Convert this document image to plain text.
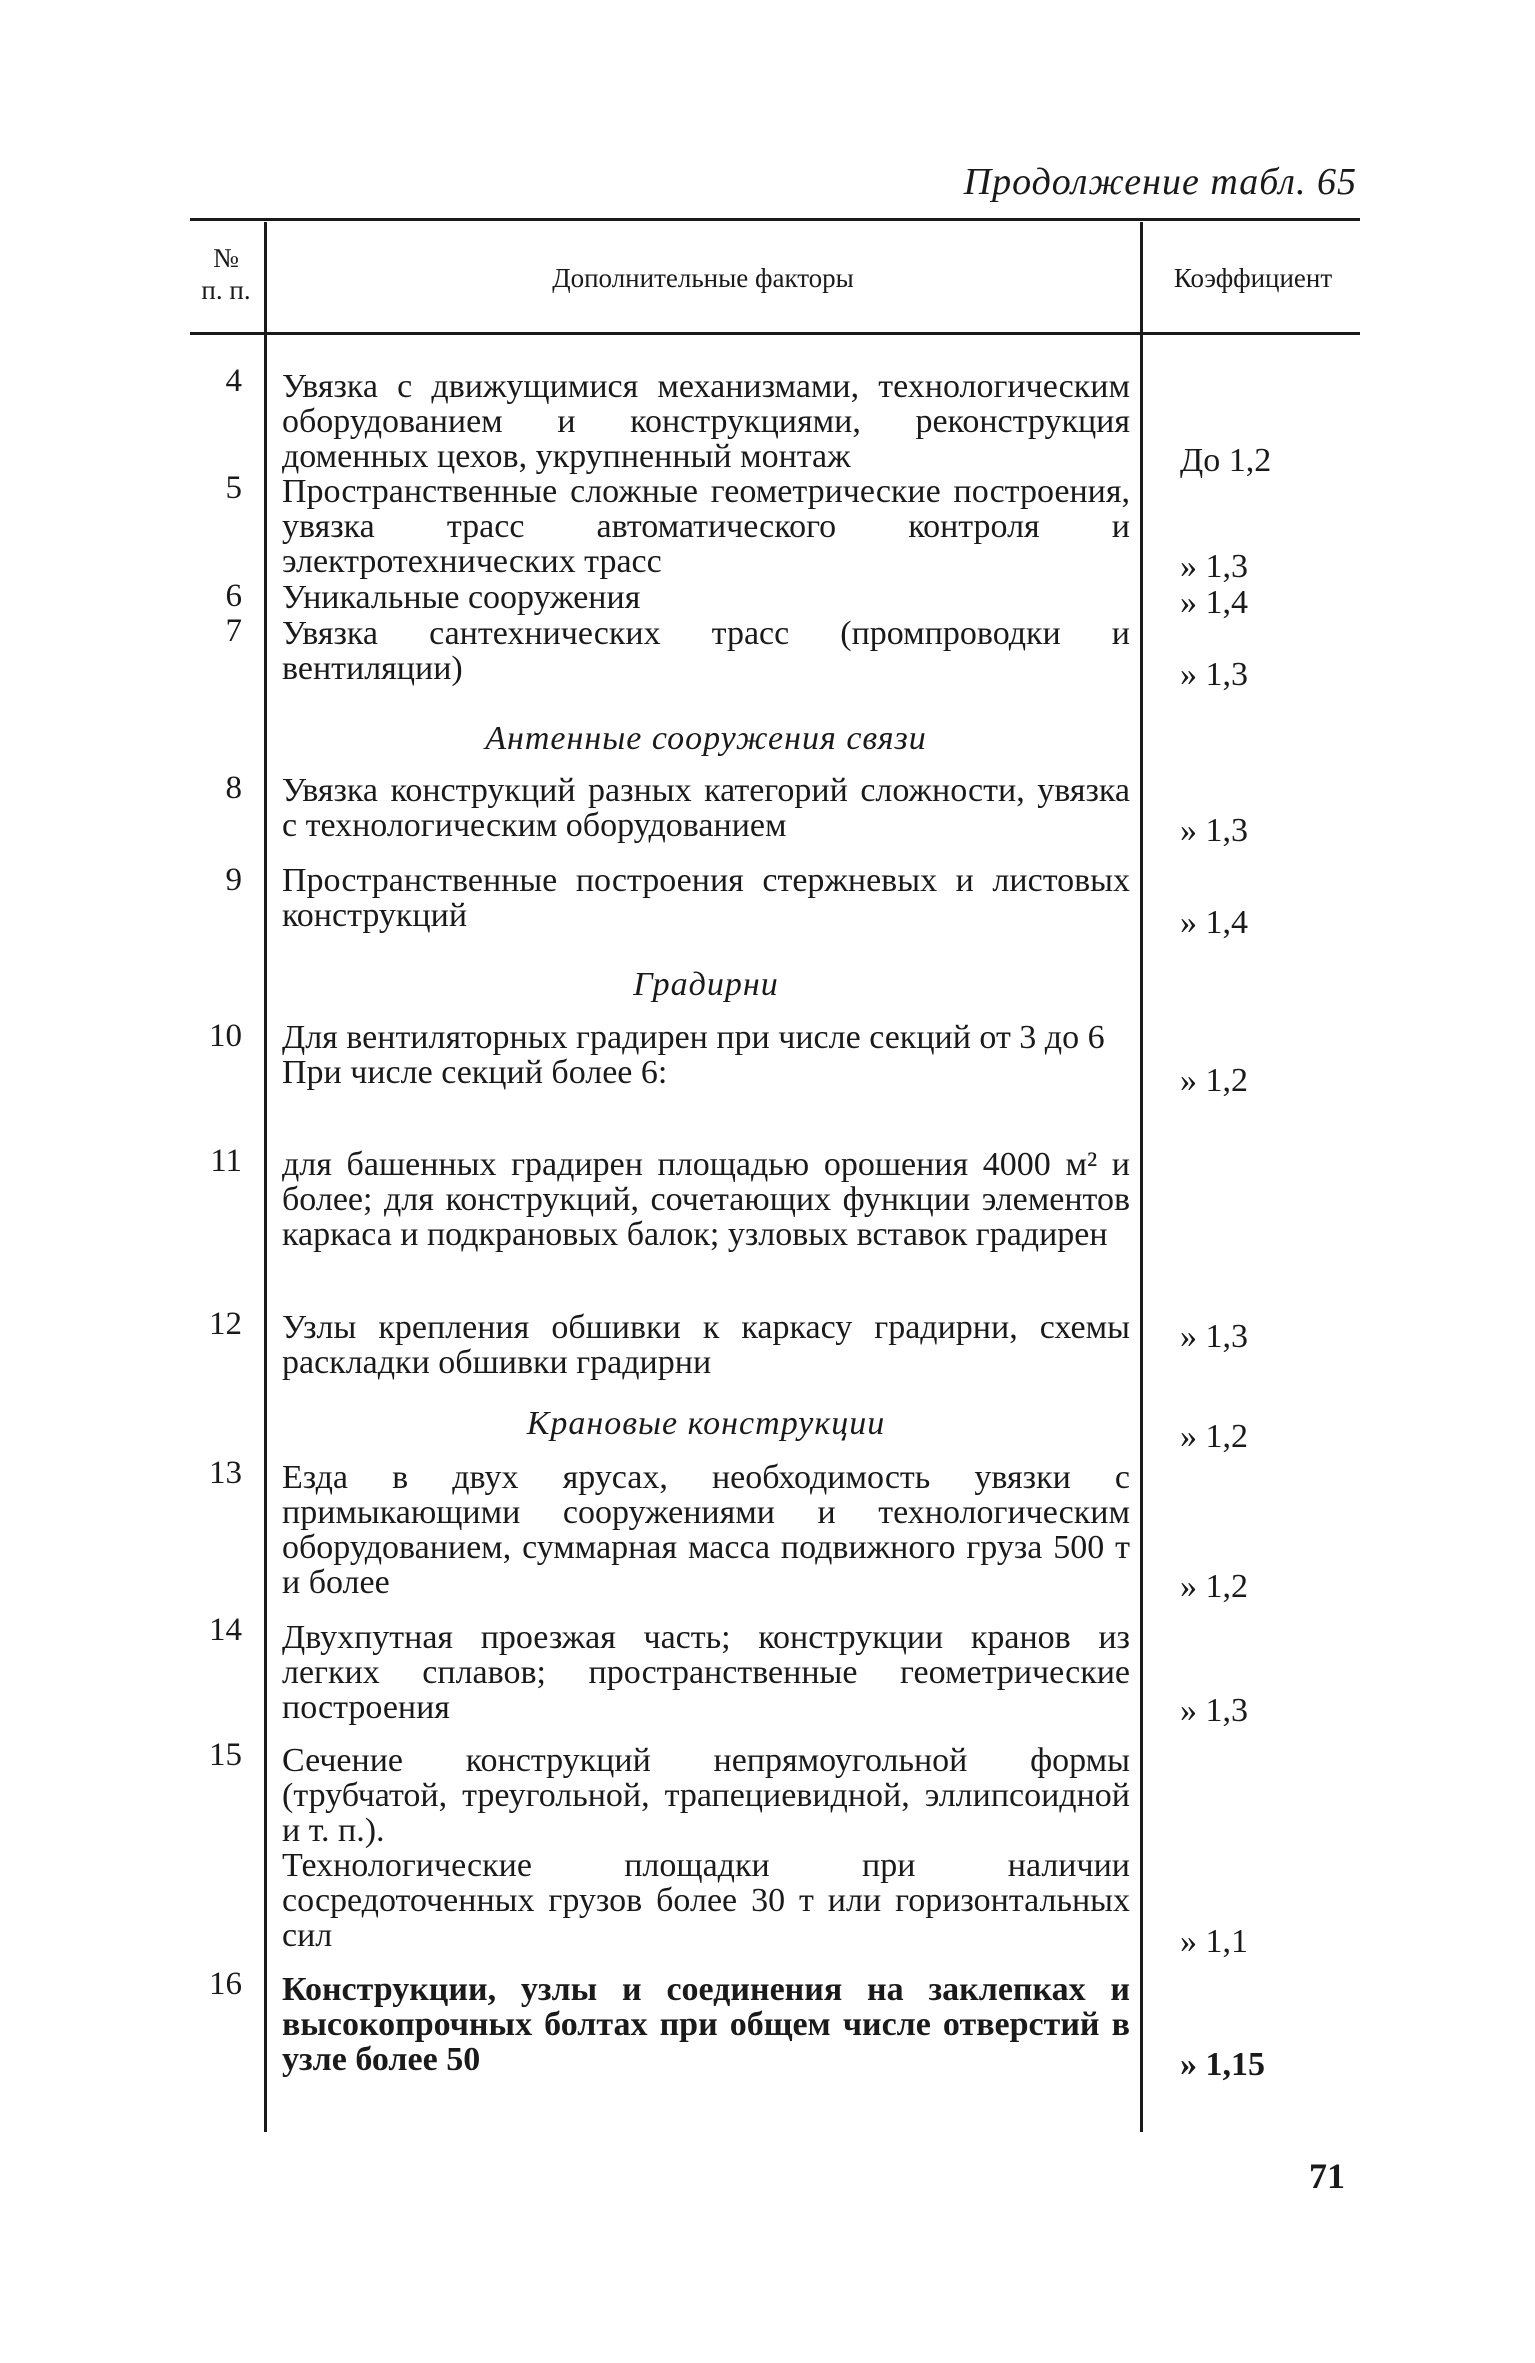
Продолжение табл. 65
№
п. п.	Дополнительные факторы	Коэффициент
4
5
6
7
8
9
10
11
12
13
14
15
16
Увязка с движущимися механизмами, технологическим оборудованием и конструкциями, реконструкция доменных цехов, укрупненный монтаж
Пространственные сложные геометрические построения, увязка трасс автоматического контроля и электротехнических трасс
Уникальные сооружения
Увязка сантехнических трасс (промпроводки и вентиляции)
Антенные сооружения связи
Увязка конструкций разных категорий сложности, увязка с технологическим оборудованием
Пространственные построения стержневых и листовых конструкций
Градирни
Для вентиляторных градирен при числе секций от 3 до 6
При числе секций более 6:
для башенных градирен площадью орошения 4000 м² и более; для конструкций, сочетающих функции элементов каркаса и подкрановых балок; узловых вставок градирен
Узлы крепления обшивки к каркасу градирни, схемы раскладки обшивки градирни
Крановые конструкции
Езда в двух ярусах, необходимость увязки с примыкающими сооружениями и технологическим оборудованием, суммарная масса подвижного груза 500 т и более
Двухпутная проезжая часть; конструкции кранов из легких сплавов; пространственные геометрические построения
Сечение конструкций непрямоугольной формы (трубчатой, треугольной, трапециевидной, эллипсоидной и т. п.).
Технологические площадки при наличии сосредоточенных грузов более 30 т или горизонтальных сил
Конструкции, узлы и соединения на заклепках и высокопрочных болтах при общем числе отверстий в узле более 50
До 1,2
» 1,3
» 1,4
» 1,3
» 1,3
» 1,4
» 1,2
» 1,3
» 1,2
» 1,2
» 1,3
» 1,1
» 1,15
71
